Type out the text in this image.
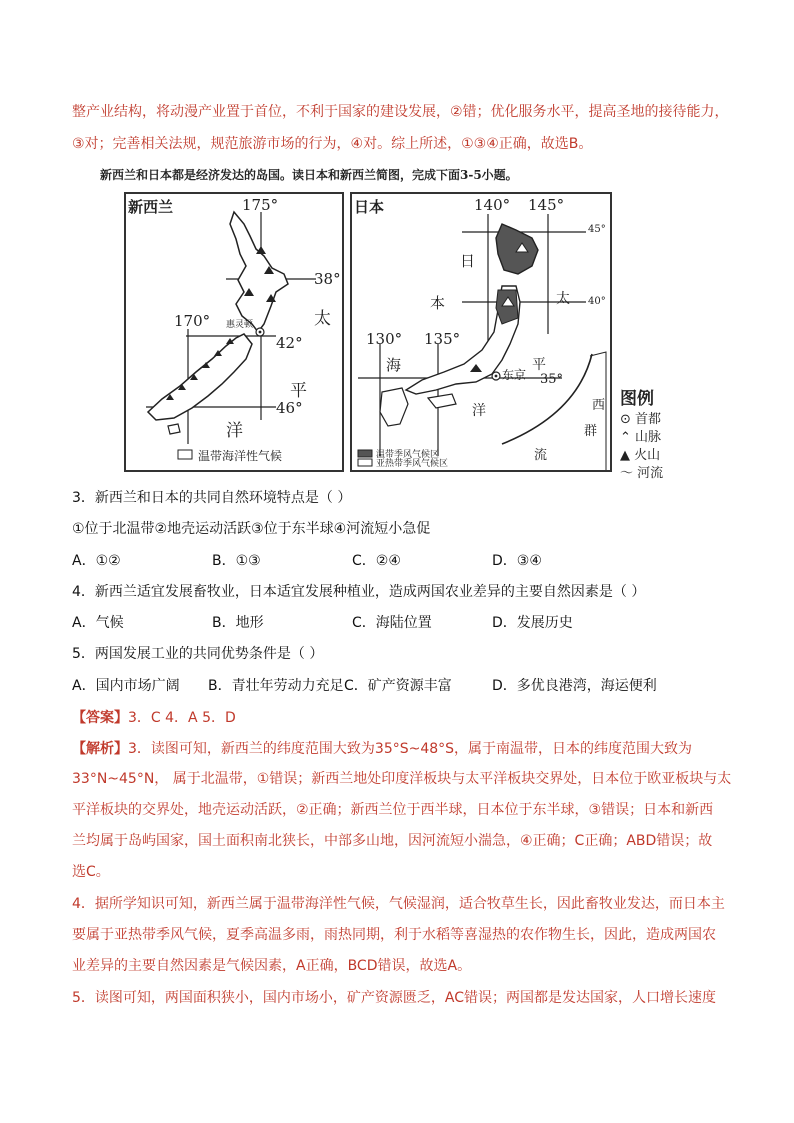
整产业结构，将动漫产业置于首位，不利于国家的建设发展，②错；优化服务水平，提高圣地的接待能力，
③对；完善相关法规，规范旅游市场的行为，④对。综上所述，①③④正确，故选B。
新西兰和日本都是经济发达的岛国。读日本和新西兰简图，完成下面3-5小题。
新西兰	175°
38°
170°
42°
46°
惠灵顿	太
平
洋
温带海洋性气候
日本	140° 145°
45°
40°
35°
130° 135°
日
本
海
东京
太
平
洋	西
群
流
温带季风气候区
亚热带季风气候区
图例
⊙ 首都
⌃ 山脉
▲ 火山
〜 河流
3．新西兰和日本的共同自然环境特点是（ ）
①位于北温带②地壳运动活跃③位于东半球④河流短小急促
A．①②	B．①③	C．②④	D．③④
4．新西兰适宜发展畜牧业，日本适宜发展种植业，造成两国农业差异的主要自然因素是（ ）
A．气候	B．地形	C．海陆位置	D．发展历史
5．两国发展工业的共同优势条件是（ ）
A．国内市场广阔 B．青壮年劳动力充足C．矿产资源丰富	D．多优良港湾，海运便利
【答案】3．C 4．A 5．D
【解析】3．读图可知，新西兰的纬度范围大致为35°S~48°S，属于南温带，日本的纬度范围大致为
33°N~45°N， 属于北温带，①错误；新西兰地处印度洋板块与太平洋板块交界处，日本位于欧亚板块与太
平洋板块的交界处，地壳运动活跃，②正确；新西兰位于西半球，日本位于东半球，③错误；日本和新西
兰均属于岛屿国家，国土面积南北狭长，中部多山地，因河流短小湍急，④正确；C正确；ABD错误；故
选C。
4．据所学知识可知，新西兰属于温带海洋性气候，气候湿润，适合牧草生长，因此畜牧业发达，而日本主
要属于亚热带季风气候，夏季高温多雨，雨热同期，利于水稻等喜湿热的农作物生长，因此，造成两国农
业差异的主要自然因素是气候因素，A正确，BCD错误，故选A。
5．读图可知，两国面积狭小，国内市场小，矿产资源匮乏，AC错误；两国都是发达国家，人口增长速度
